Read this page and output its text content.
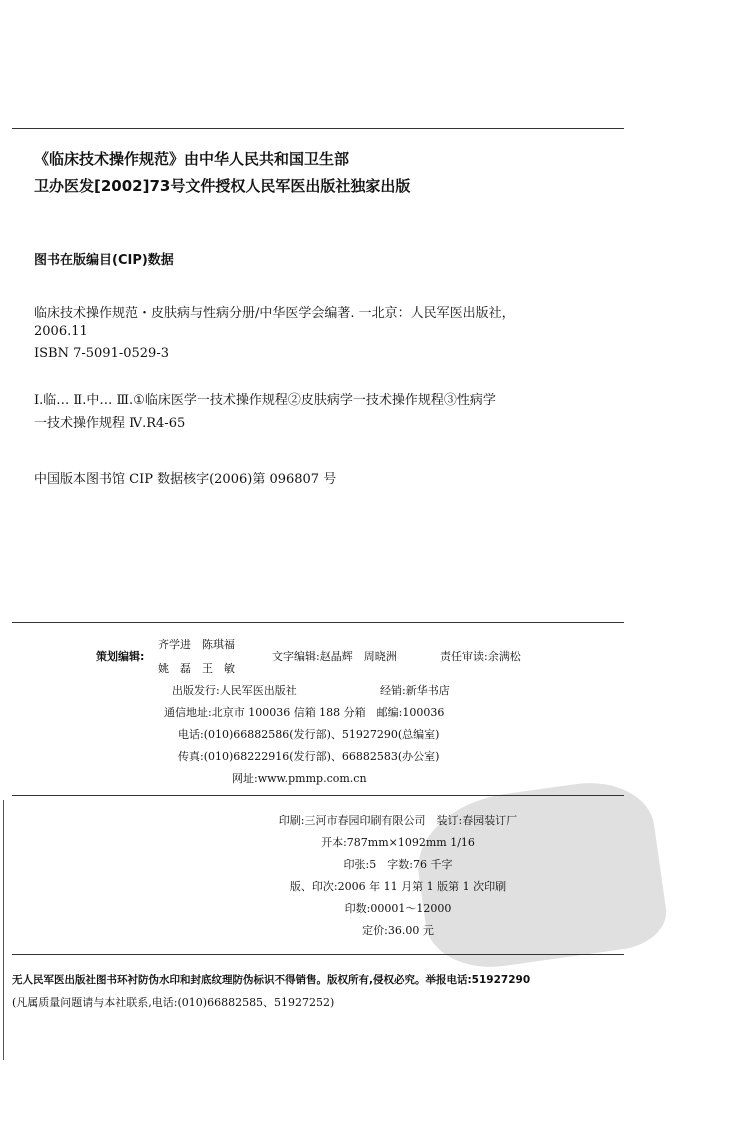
《临床技术操作规范》由中华人民共和国卫生部
卫办医发[2002]73号文件授权人民军医出版社独家出版
图书在版编目(CIP)数据
临床技术操作规范・皮肤病与性病分册/中华医学会编著. 一北京：人民军医出版社，
2006.11
ISBN 7-5091-0529-3
Ⅰ.临… Ⅱ.中… Ⅲ.①临床医学一技术操作规程②皮肤病学一技术操作规程③性病学
一技术操作规程 Ⅳ.R4-65
中国版本图书馆 CIP 数据核字(2006)第 096807 号
策划编辑:
齐学进　陈琪福
姚　磊　王　敏
文字编辑:赵晶辉　周晓洲	责任审读:余满松
出版发行:人民军医出版社	经销:新华书店
通信地址:北京市 100036 信箱 188 分箱　邮编:100036
电话:(010)66882586(发行部)、51927290(总编室)
传真:(010)68222916(发行部)、66882583(办公室)
网址:www.pmmp.com.cn
印刷:三河市春园印刷有限公司　装订:春园装订厂
开本:787mm×1092mm 1/16
印张:5　字数:76 千字
版、印次:2006 年 11 月第 1 版第 1 次印刷
印数:00001～12000
定价:36.00 元
无人民军医出版社图书环衬防伪水印和封底纹理防伪标识不得销售。版权所有,侵权必究。举报电话:51927290
(凡属质量问题请与本社联系,电话:(010)66882585、51927252)
